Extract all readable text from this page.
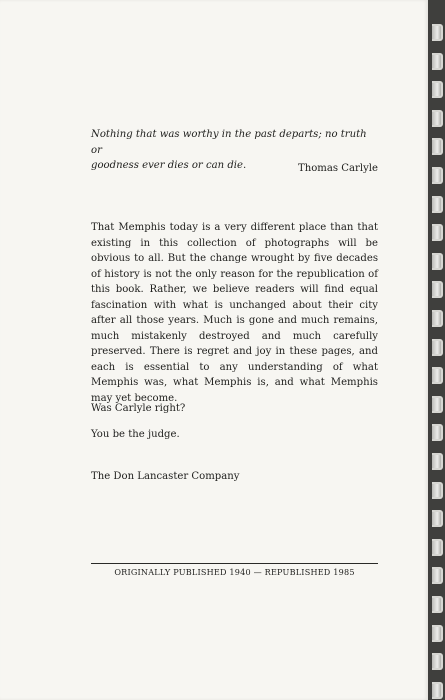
Nothing that was worthy in the past departs; no truth or
goodness ever dies or can die.	Thomas Carlyle
That Memphis today is a very different place than that existing in this collection of photographs will be obvious to all. But the change wrought by five decades of history is not the only reason for the republication of this book. Rather, we believe readers will find equal fascination with what is unchanged about their city after all those years. Much is gone and much remains, much mistakenly destroyed and much carefully preserved. There is regret and joy in these pages, and each is essential to any understanding of what Memphis was, what Memphis is, and what Memphis may yet become.
Was Carlyle right?
You be the judge.
The Don Lancaster Company
ORIGINALLY PUBLISHED 1940 — REPUBLISHED 1985
